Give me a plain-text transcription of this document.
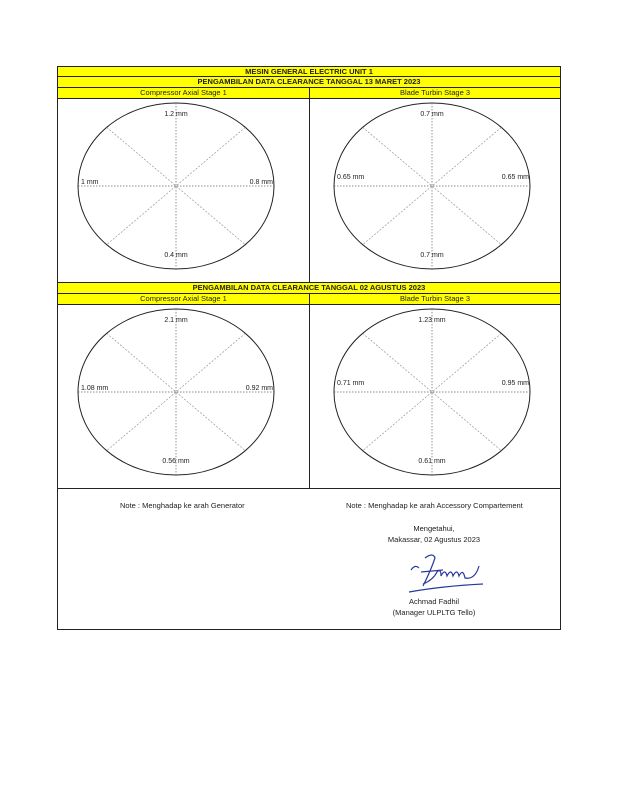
MESIN GENERAL ELECTRIC UNIT 1
PENGAMBILAN DATA CLEARANCE TANGGAL 13 MARET 2023
Compressor Axial Stage 1
1.2 mm
0.4 mm
1 mm	0.8 mm
Blade Turbin Stage 3
0.7 mm
0.7 mm
0.65 mm	0.65 mm
PENGAMBILAN DATA CLEARANCE TANGGAL 02 AGUSTUS 2023
Compressor Axial Stage 1
2.1 mm
0.56 mm
1.08 mm	0.92 mm
Blade Turbin Stage 3
1.23 mm
0.61 mm
0.71 mm	0.95 mm
Note : Menghadap ke arah Generator	Note : Menghadap ke arah Accessory Compartement
Mengetahui,
Makassar, 02 Agustus 2023
Achmad Fadhil
(Manager ULPLTG Tello)
